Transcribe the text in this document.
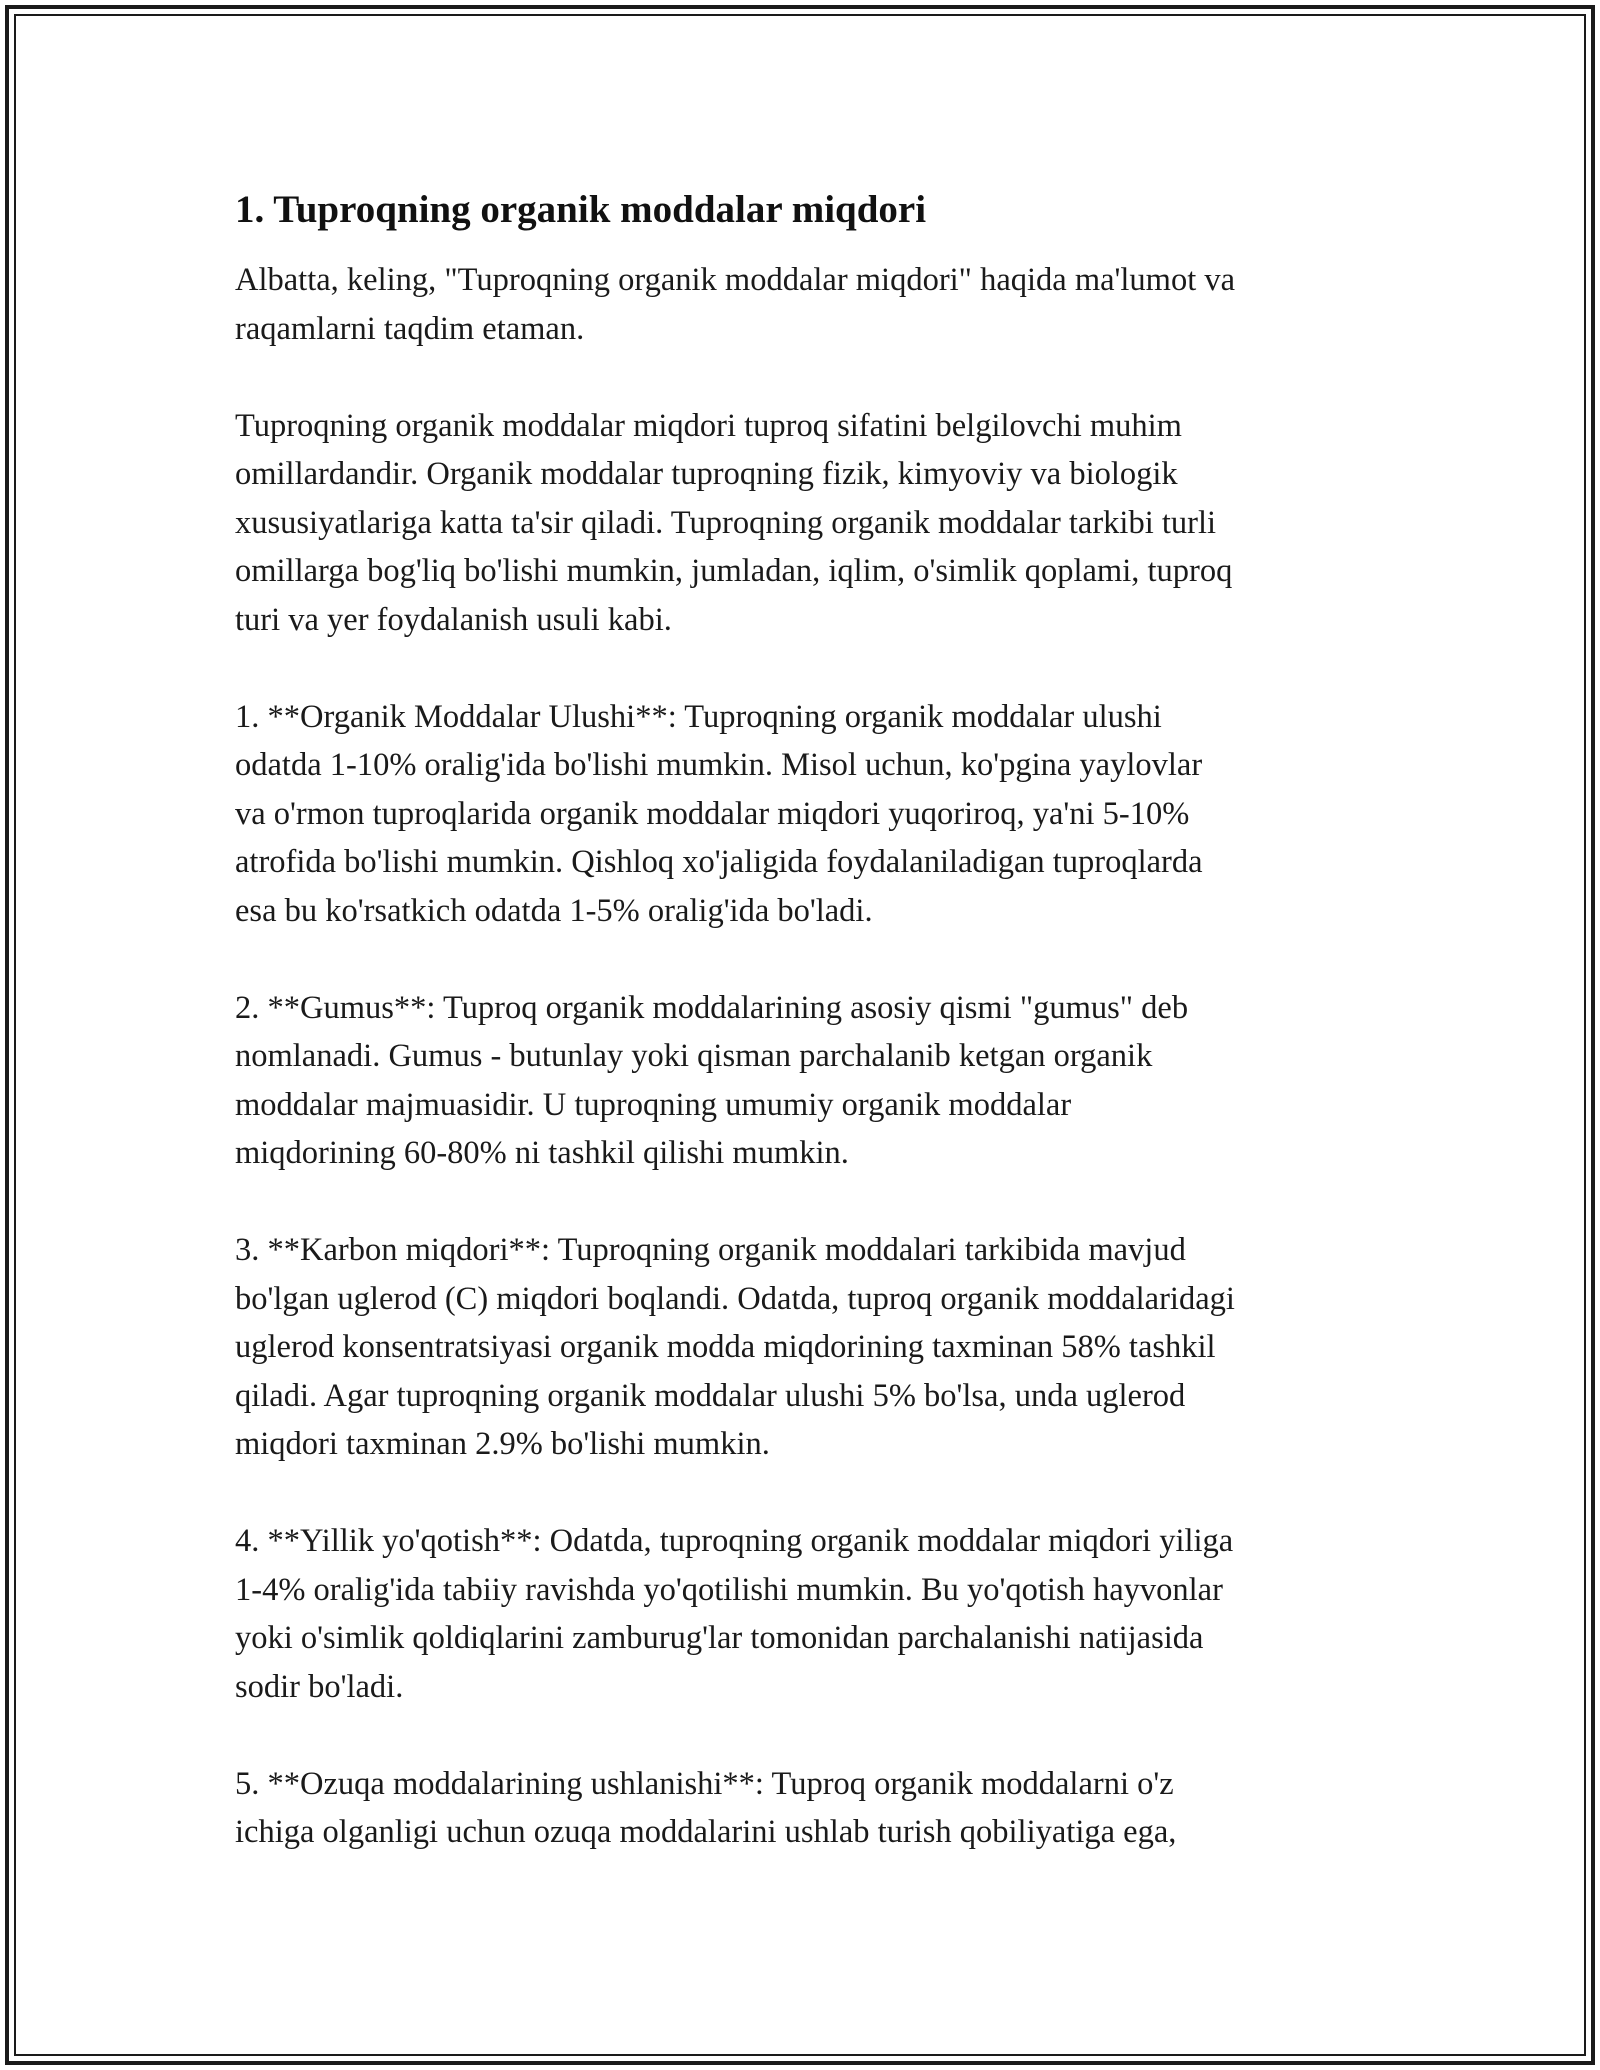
1. Tuproqning organik moddalar miqdori

Albatta, keling, "Tuproqning organik moddalar miqdori" haqida ma'lumot va
raqamlarni taqdim etaman.

Tuproqning organik moddalar miqdori tuproq sifatini belgilovchi muhim
omillardandir. Organik moddalar tuproqning fizik, kimyoviy va biologik
xususiyatlariga katta ta'sir qiladi. Tuproqning organik moddalar tarkibi turli
omillarga bog'liq bo'lishi mumkin, jumladan, iqlim, o'simlik qoplami, tuproq
turi va yer foydalanish usuli kabi.

1. **Organik Moddalar Ulushi**: Tuproqning organik moddalar ulushi
odatda 1-10% oralig'ida bo'lishi mumkin. Misol uchun, ko'pgina yaylovlar
va o'rmon tuproqlarida organik moddalar miqdori yuqoriroq, ya'ni 5-10%
atrofida bo'lishi mumkin. Qishloq xo'jaligida foydalaniladigan tuproqlarda
esa bu ko'rsatkich odatda 1-5% oralig'ida bo'ladi.

2. **Gumus**: Tuproq organik moddalarining asosiy qismi "gumus" deb
nomlanadi. Gumus - butunlay yoki qisman parchalanib ketgan organik
moddalar majmuasidir. U tuproqning umumiy organik moddalar
miqdorining 60-80% ni tashkil qilishi mumkin.

3. **Karbon miqdori**: Tuproqning organik moddalari tarkibida mavjud
bo'lgan uglerod (C) miqdori boqlandi. Odatda, tuproq organik moddalaridagi
uglerod konsentratsiyasi organik modda miqdorining taxminan 58% tashkil
qiladi. Agar tuproqning organik moddalar ulushi 5% bo'lsa, unda uglerod
miqdori taxminan 2.9% bo'lishi mumkin.

4. **Yillik yo'qotish**: Odatda, tuproqning organik moddalar miqdori yiliga
1-4% oralig'ida tabiiy ravishda yo'qotilishi mumkin. Bu yo'qotish hayvonlar
yoki o'simlik qoldiqlarini zamburug'lar tomonidan parchalanishi natijasida
sodir bo'ladi.

5. **Ozuqa moddalarining ushlanishi**: Tuproq organik moddalarni o'z
ichiga olganligi uchun ozuqa moddalarini ushlab turish qobiliyatiga ega,
